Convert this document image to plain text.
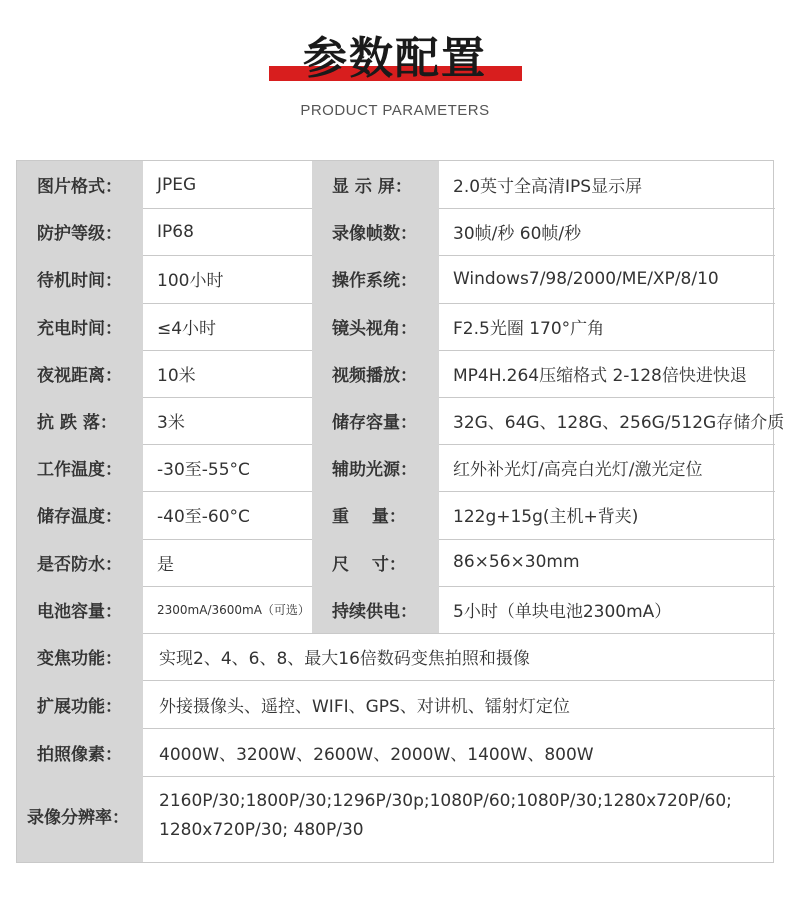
参数配置
PRODUCT PARAMETERS
图片格式：	JPEG	显 示 屏：	2.0英寸全高清IPS显示屏
防护等级：	IP68	录像帧数：	30帧/秒 60帧/秒
待机时间：	100小时	操作系统：	Windows7/98/2000/ME/XP/8/10
充电时间：	≤4小时	镜头视角：	F2.5光圈 170°广角
夜视距离：	10米	视频播放：	MP4H.264压缩格式 2-128倍快进快退
抗 跌 落：	3米	储存容量：	32G、64G、128G、256G/512G存储介质
工作温度：	-30至-55°C	辅助光源：	红外补光灯/高亮白光灯/激光定位
储存温度：	-40至-60°C	重　 量：	122g+15g(主机+背夹)
是否防水：	是	尺　 寸：	86×56×30mm
电池容量：	2300mA/3600mA（可选）	持续供电：	5小时（单块电池2300mA）
变焦功能：	实现2、4、6、8、最大16倍数码变焦拍照和摄像
扩展功能：	外接摄像头、遥控、WIFI、GPS、对讲机、镭射灯定位
拍照像素：	4000W、3200W、2600W、2000W、1400W、800W
录像分辨率：
2160P/30;1800P/30;1296P/30p;1080P/60;1080P/30;1280x720P/60; 1280x720P/30; 480P/30
